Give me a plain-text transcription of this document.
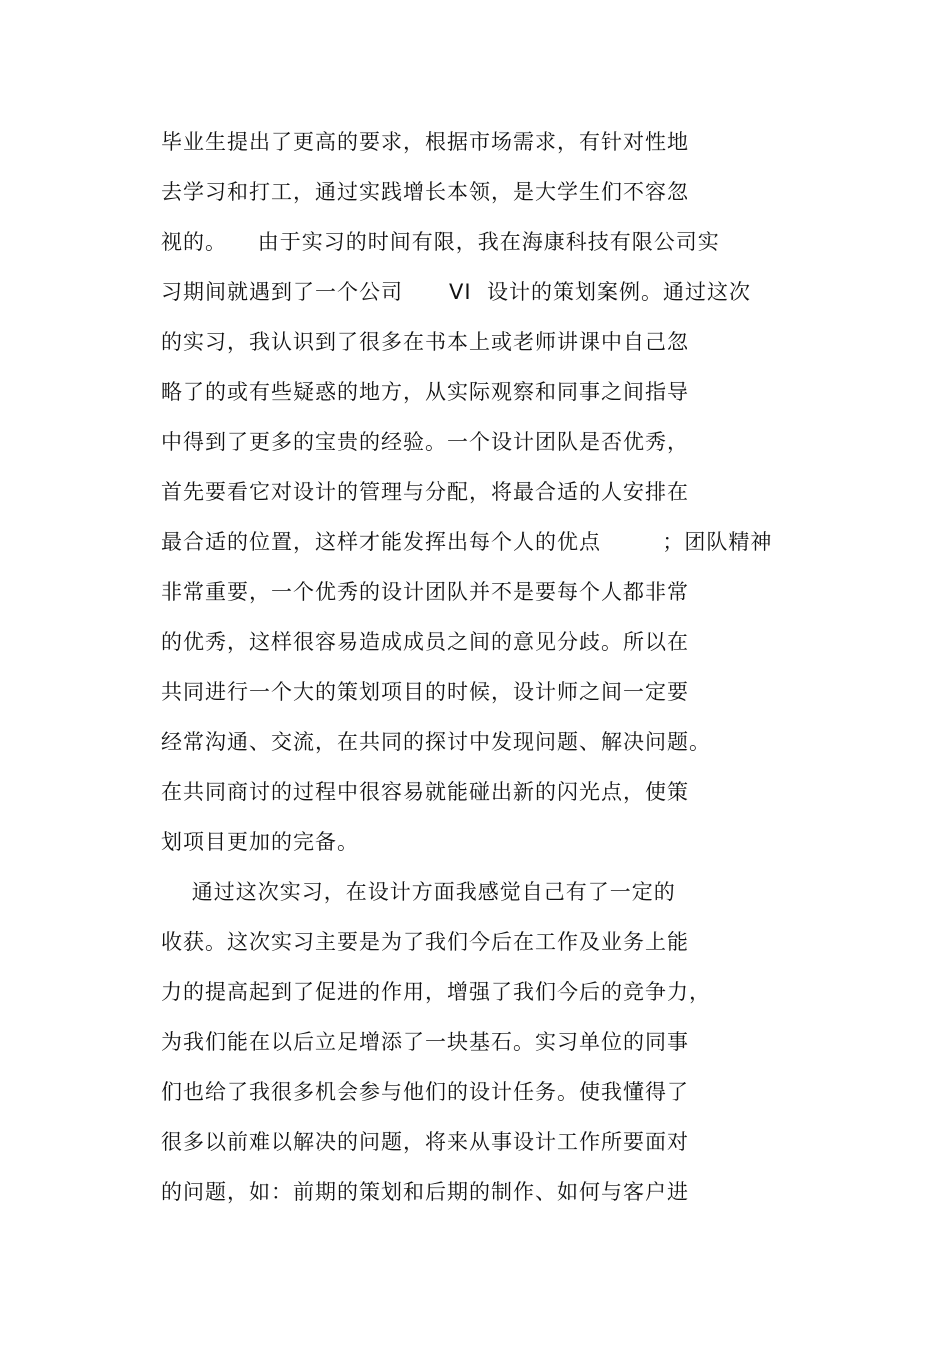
毕业生提出了更高的要求，根据市场需求，有针对性地
去学习和打工，通过实践增长本领，是大学生们不容忽
视的。    由于实习的时间有限，我在海康科技有限公司实
习期间就遇到了一个公司      VI  设计的策划案例。通过这次
的实习，我认识到了很多在书本上或老师讲课中自己忽
略了的或有些疑惑的地方，从实际观察和同事之间指导
中得到了更多的宝贵的经验。一个设计团队是否优秀，
首先要看它对设计的管理与分配，将最合适的人安排在
最合适的位置，这样才能发挥出每个人的优点        ；团队精神
非常重要，一个优秀的设计团队并不是要每个人都非常
的优秀，这样很容易造成成员之间的意见分歧。所以在
共同进行一个大的策划项目的时候，设计师之间一定要
经常沟通、交流，在共同的探讨中发现问题、解决问题。
在共同商讨的过程中很容易就能碰出新的闪光点，使策
划项目更加的完备。
通过这次实习，在设计方面我感觉自己有了一定的
收获。这次实习主要是为了我们今后在工作及业务上能
力的提高起到了促进的作用，增强了我们今后的竞争力，
为我们能在以后立足增添了一块基石。实习单位的同事
们也给了我很多机会参与他们的设计任务。使我懂得了
很多以前难以解决的问题，将来从事设计工作所要面对
的问题，如：前期的策划和后期的制作、如何与客户进
